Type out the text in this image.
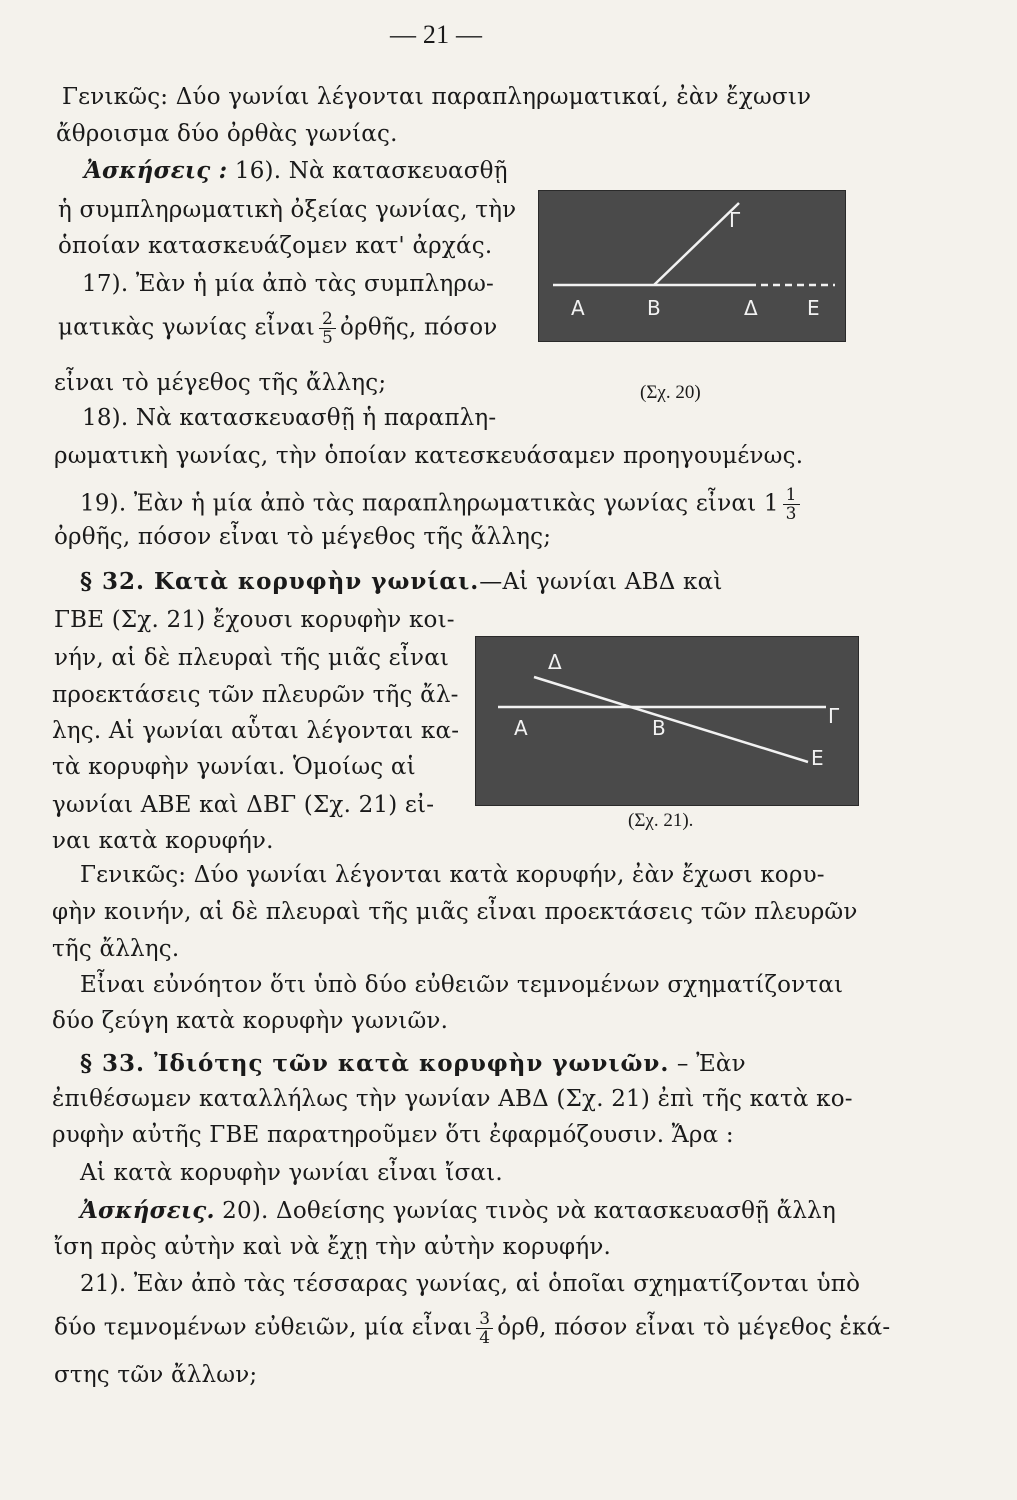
— 21 —
Γενικῶς: Δύο γωνίαι λέγονται παραπληρωματικαί, ἐὰν ἔχωσιν
ἄθροισμα δύο ὀρθὰς γωνίας.
Ἀσκήσεις : 16). Νὰ κατασκευασθῇ
ἡ συμπληρωματικὴ ὀξείας γωνίας, τὴν
ὁποίαν κατασκευάζομεν κατ' ἀρχάς.
17). Ἐὰν ἡ μία ἀπὸ τὰς συμπληρω-
ματικὰς γωνίας εἶναι $\frac{2}{5}$ ὀρθῆς, πόσον
εἶναι τὸ μέγεθος τῆς ἄλλης;
18). Νὰ κατασκευασθῇ ἡ παραπλη-
ρωματικὴ γωνίας, τὴν ὁποίαν κατεσκευάσαμεν προηγουμένως.
19). Ἐὰν ἡ μία ἀπὸ τὰς παραπληρωματικὰς γωνίας εἶναι $1 \frac{1}{3}$
ὀρθῆς, πόσον εἶναι τὸ μέγεθος τῆς ἄλλης;
§ 32. Κατὰ κορυφὴν γωνίαι.—Αἱ γωνίαι ΑΒΔ καὶ
ΓΒΕ (Σχ. 21) ἔχουσι κορυφὴν κοι-
νήν, αἱ δὲ πλευραὶ τῆς μιᾶς εἶναι
προεκτάσεις τῶν πλευρῶν τῆς ἄλ-
λης. Αἱ γωνίαι αὗται λέγονται κα-
τὰ κορυφὴν γωνίαι. Ὁμοίως αἱ
γωνίαι ΑΒΕ καὶ ΔΒΓ (Σχ. 21) εἰ-
ναι κατὰ κορυφήν.
Γενικῶς: Δύο γωνίαι λέγονται κατὰ κορυφήν, ἐὰν ἔχωσι κορυ-
φὴν κοινήν, αἱ δὲ πλευραὶ τῆς μιᾶς εἶναι προεκτάσεις τῶν πλευρῶν
τῆς ἄλλης.
Εἶναι εὐνόητον ὅτι ὑπὸ δύο εὐθειῶν τεμνομένων σχηματίζονται
δύο ζεύγη κατὰ κορυφὴν γωνιῶν.
§ 33. Ἰδιότης τῶν κατὰ κορυφὴν γωνιῶν. – Ἐὰν
ἐπιθέσωμεν καταλλήλως τὴν γωνίαν ΑΒΔ (Σχ. 21) ἐπὶ τῆς κατὰ κο-
ρυφὴν αὐτῆς ΓΒΕ παρατηροῦμεν ὅτι ἐφαρμόζουσιν. Ἄρα :
Αἱ κατὰ κορυφὴν γωνίαι εἶναι ἴσαι.
Ἀσκήσεις. 20). Δοθείσης γωνίας τινὸς νὰ κατασκευασθῇ ἄλλη
ἴση πρὸς αὐτὴν καὶ νὰ ἔχῃ τὴν αὐτὴν κορυφήν.
21). Ἐὰν ἀπὸ τὰς τέσσαρας γωνίας, αἱ ὁποῖαι σχηματίζονται ὑπὸ
δύο τεμνομένων εὐθειῶν, μία εἶναι $\frac{3}{4}$ ὀρθ, πόσον εἶναι τὸ μέγεθος ἑκά-
στης τῶν ἄλλων;
Α	Β
Γ
Δ Ε
(Σχ. 20)
Α	Β	Γ
Δ
Ε
(Σχ. 21).
